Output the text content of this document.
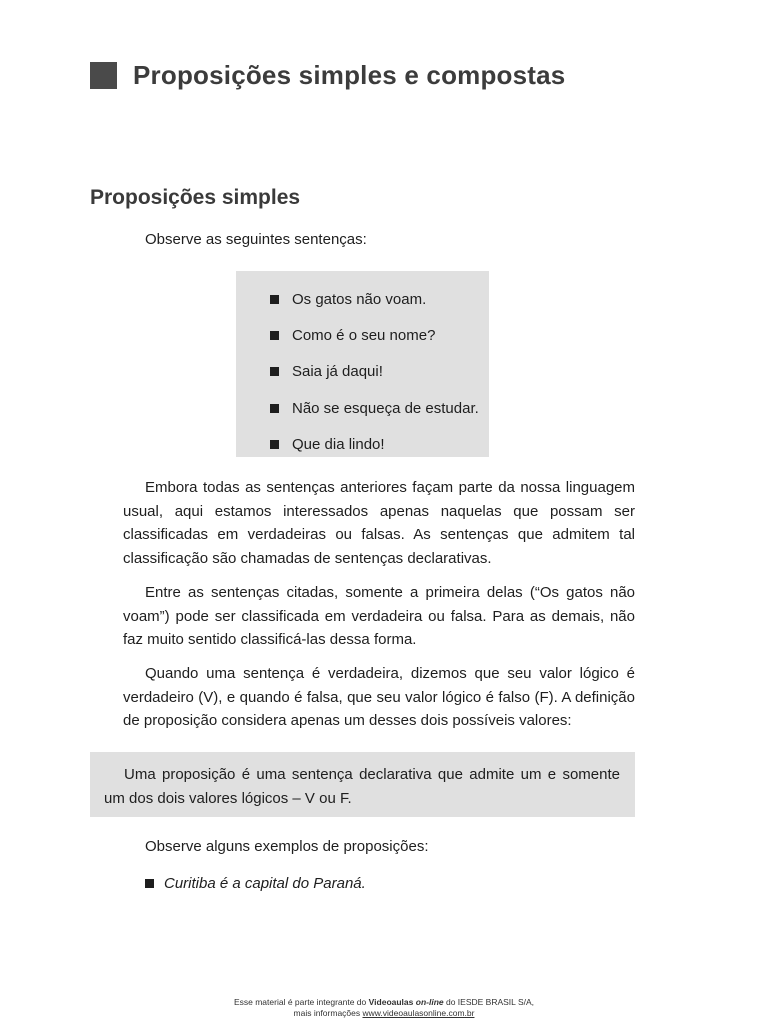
Proposições simples e compostas
Proposições simples

Observe as seguintes sentenças:

Os gatos não voam.
Como é o seu nome?
Saia já daqui!
Não se esqueça de estudar.
Que dia lindo!

Embora todas as sentenças anteriores façam parte da nossa linguagem usual, aqui estamos interessados apenas naquelas que possam ser classificadas em verdadeiras ou falsas. As sentenças que admitem tal classificação são chamadas de sentenças declarativas.

Entre as sentenças citadas, somente a primeira delas (“Os gatos não voam”) pode ser classificada em verdadeira ou falsa. Para as demais, não faz muito sentido classificá-las dessa forma.

Quando uma sentença é verdadeira, dizemos que seu valor lógico é verdadeiro (V), e quando é falsa, que seu valor lógico é falso (F). A definição de proposição considera apenas um desses dois possíveis valores:

Uma proposição é uma sentença declarativa que admite um e somente um dos dois valores lógicos – V ou F.

Observe alguns exemplos de proposições:

Curitiba é a capital do Paraná.
Esse material é parte integrante do Videoaulas on-line do IESDE BRASIL S/A,
mais informações www.videoaulasonline.com.br
